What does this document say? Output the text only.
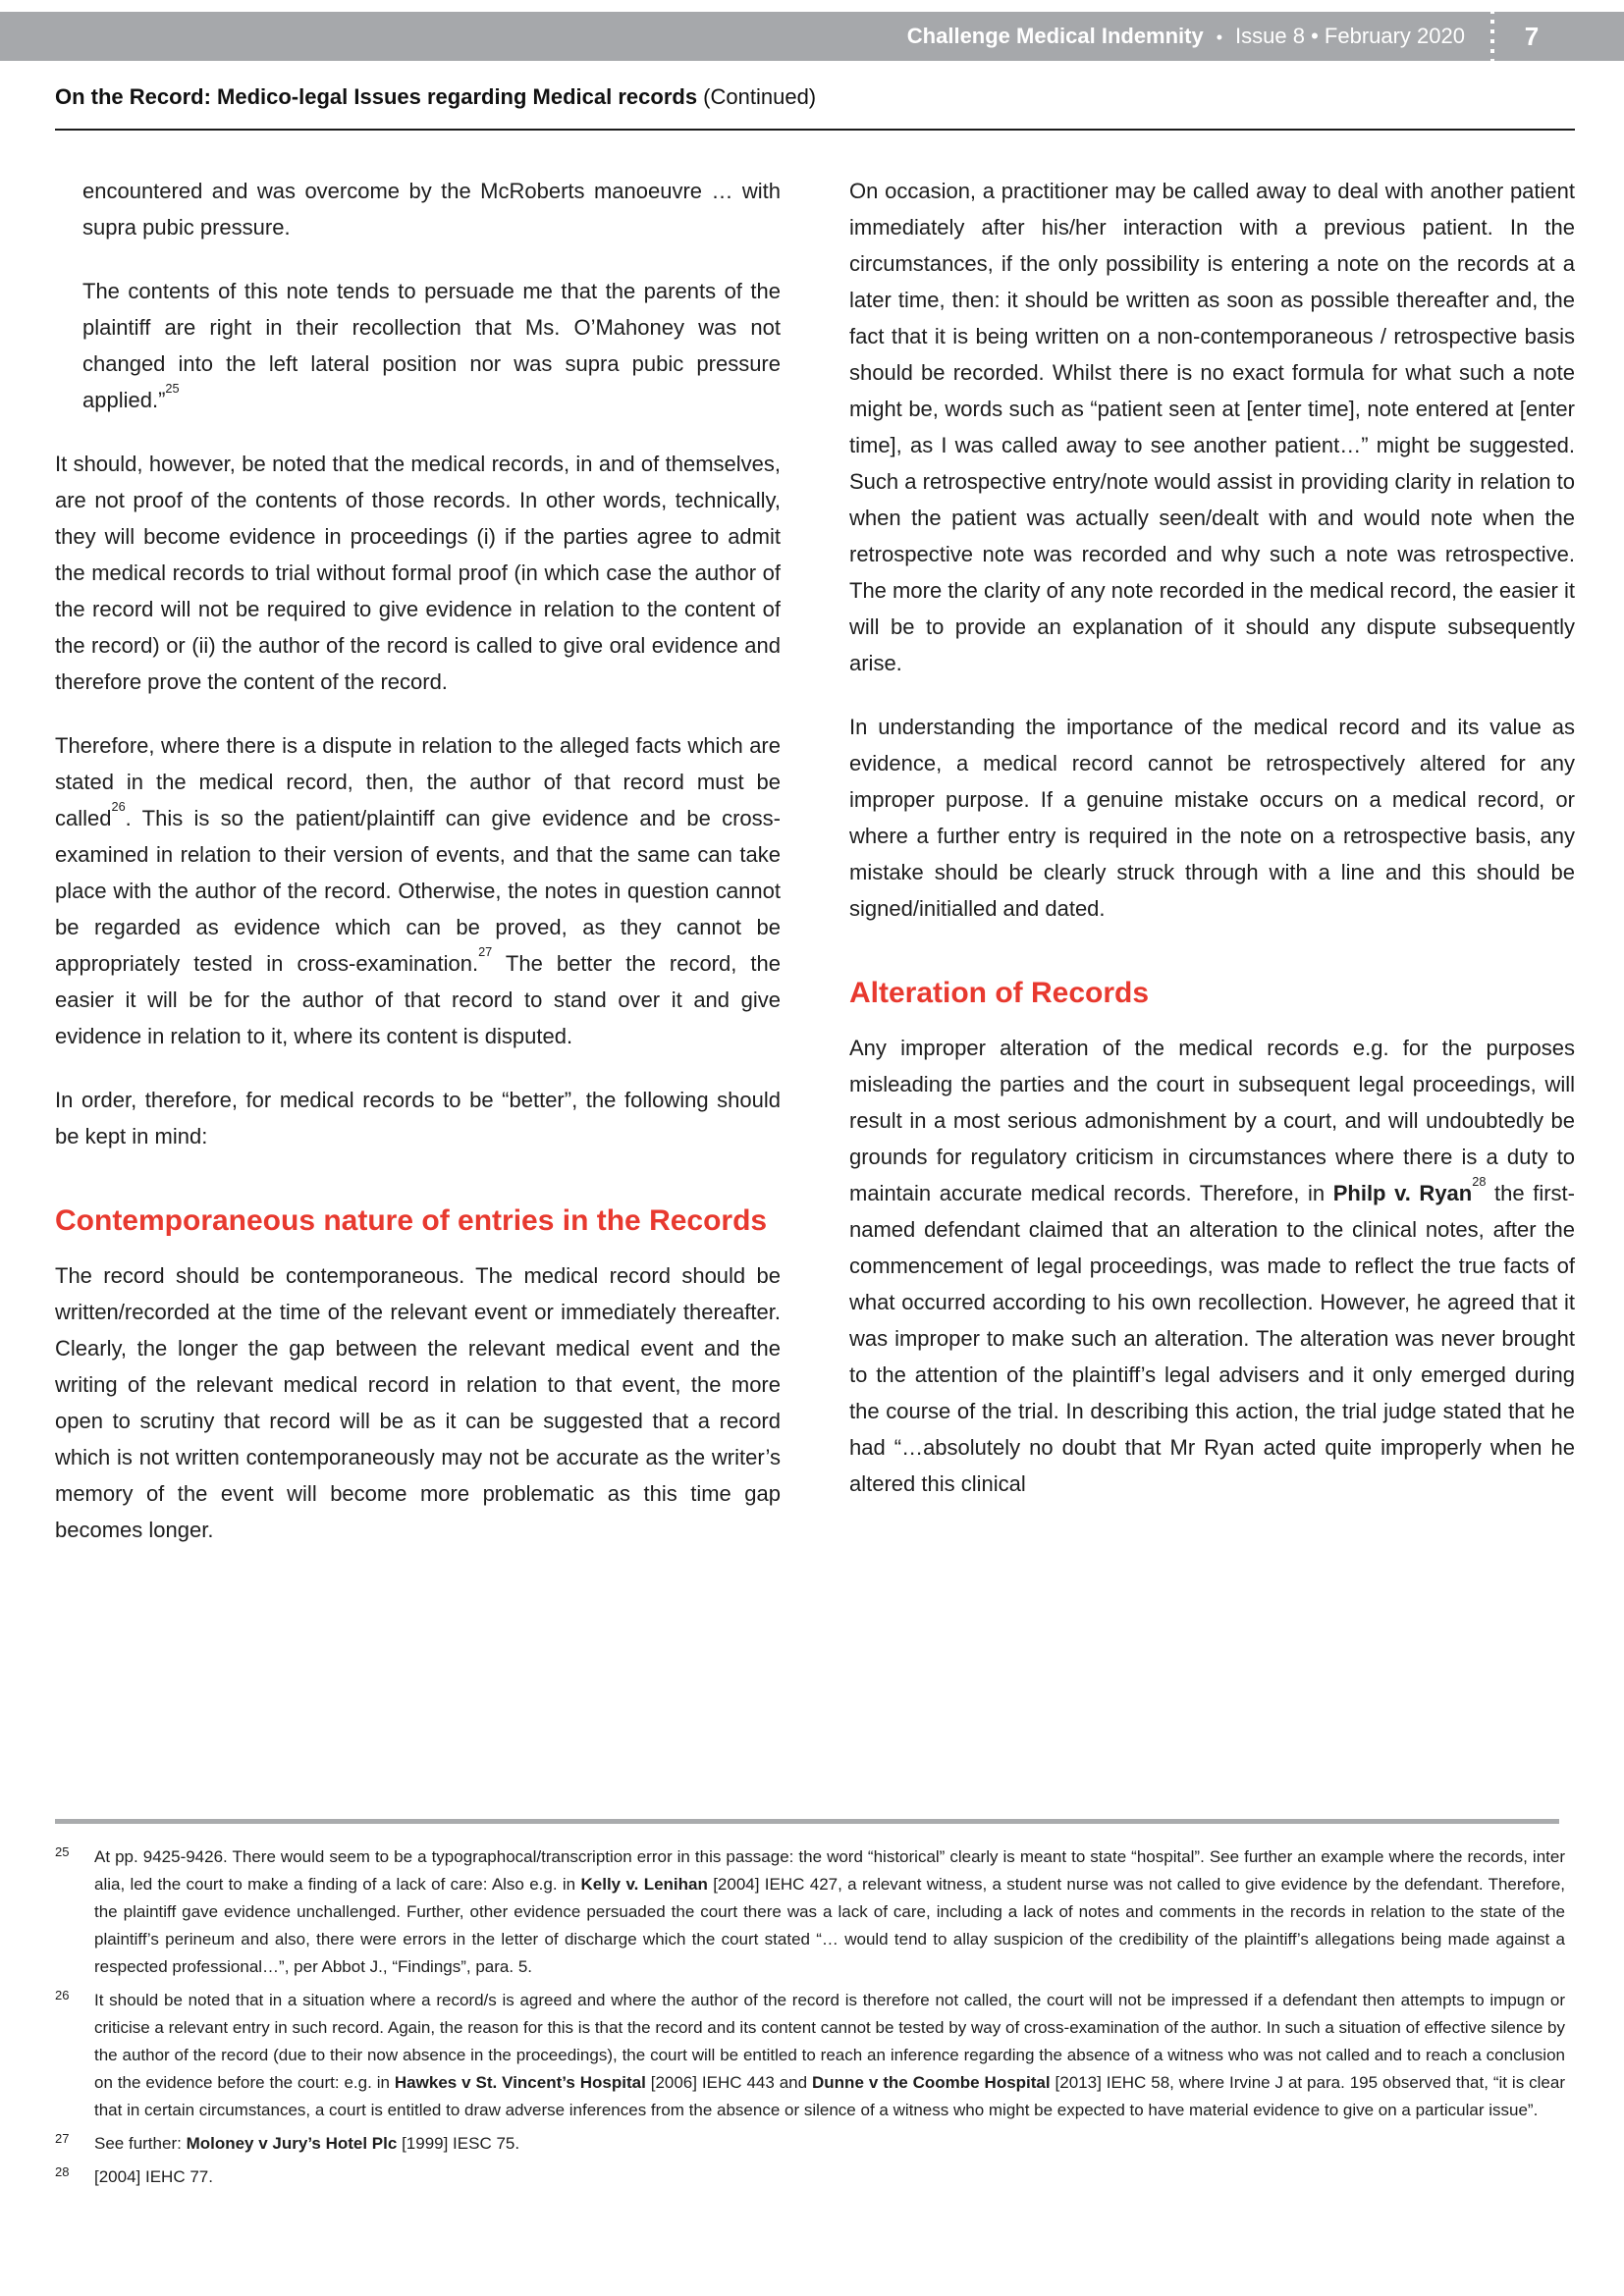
Challenge Medical Indemnity • Issue 8 • February 2020	7
On the Record: Medico-legal Issues regarding Medical records (Continued)

encountered and was overcome by the McRoberts manoeuvre … with supra pubic pressure.

The contents of this note tends to persuade me that the parents of the plaintiff are right in their recollection that Ms. O’Mahoney was not changed into the left lateral position nor was supra pubic pressure applied.”$^{25}$

It should, however, be noted that the medical records, in and of themselves, are not proof of the contents of those records. In other words, technically, they will become evidence in proceedings (i) if the parties agree to admit the medical records to trial without formal proof (in which case the author of the record will not be required to give evidence in relation to the content of the record) or (ii) the author of the record is called to give oral evidence and therefore prove the content of the record.

Therefore, where there is a dispute in relation to the alleged facts which are stated in the medical record, then, the author of that record must be called$^{26}$. This is so the patient/plaintiff can give evidence and be cross-examined in relation to their version of events, and that the same can take place with the author of the record. Otherwise, the notes in question cannot be regarded as evidence which can be proved, as they cannot be appropriately tested in cross-examination.$^{27}$ The better the record, the easier it will be for the author of that record to stand over it and give evidence in relation to it, where its content is disputed.

In order, therefore, for medical records to be “better”, the following should be kept in mind:

Contemporaneous nature of entries in the Records

The record should be contemporaneous. The medical record should be written/recorded at the time of the relevant event or immediately thereafter. Clearly, the longer the gap between the relevant medical event and the writing of the relevant medical record in relation to that event, the more open to scrutiny that record will be as it can be suggested that a record which is not written contemporaneously may not be accurate as the writer’s memory of the event will become more problematic as this time gap becomes longer.

On occasion, a practitioner may be called away to deal with another patient immediately after his/her interaction with a previous patient. In the circumstances, if the only possibility is entering a note on the records at a later time, then: it should be written as soon as possible thereafter and, the fact that it is being written on a non-contemporaneous / retrospective basis should be recorded. Whilst there is no exact formula for what such a note might be, words such as “patient seen at [enter time], note entered at [enter time], as I was called away to see another patient…” might be suggested. Such a retrospective entry/note would assist in providing clarity in relation to when the patient was actually seen/dealt with and would note when the retrospective note was recorded and why such a note was retrospective. The more the clarity of any note recorded in the medical record, the easier it will be to provide an explanation of it should any dispute subsequently arise.

In understanding the importance of the medical record and its value as evidence, a medical record cannot be retrospectively altered for any improper purpose. If a genuine mistake occurs on a medical record, or where a further entry is required in the note on a retrospective basis, any mistake should be clearly struck through with a line and this should be signed/initialled and dated.

Alteration of Records

Any improper alteration of the medical records e.g. for the purposes misleading the parties and the court in subsequent legal proceedings, will result in a most serious admonishment by a court, and will undoubtedly be grounds for regulatory criticism in circumstances where there is a duty to maintain accurate medical records. Therefore, in Philp v. Ryan$^{28}$ the first-named defendant claimed that an alteration to the clinical notes, after the commencement of legal proceedings, was made to reflect the true facts of what occurred according to his own recollection. However, he agreed that it was improper to make such an alteration. The alteration was never brought to the attention of the plaintiff’s legal advisers and it only emerged during the course of the trial. In describing this action, the trial judge stated that he had “…absolutely no doubt that Mr Ryan acted quite improperly when he altered this clinical

25	At pp. 9425-9426. There would seem to be a typographocal/transcription error in this passage: the word “historical” clearly is meant to state “hospital”. See further an example where the records, inter alia, led the court to make a finding of a lack of care: Also e.g. in Kelly v. Lenihan [2004] IEHC 427, a relevant witness, a student nurse was not called to give evidence by the defendant. Therefore, the plaintiff gave evidence unchallenged. Further, other evidence persuaded the court there was a lack of care, including a lack of notes and comments in the records in relation to the state of the plaintiff’s perineum and also, there were errors in the letter of discharge which the court stated “… would tend to allay suspicion of the credibility of the plaintiff’s allegations being made against a respected professional…”, per Abbot J., “Findings”, para. 5.
26	It should be noted that in a situation where a record/s is agreed and where the author of the record is therefore not called, the court will not be impressed if a defendant then attempts to impugn or criticise a relevant entry in such record. Again, the reason for this is that the record and its content cannot be tested by way of cross-examination of the author. In such a situation of effective silence by the author of the record (due to their now absence in the proceedings), the court will be entitled to reach an inference regarding the absence of a witness who was not called and to reach a conclusion on the evidence before the court: e.g. in Hawkes v St. Vincent’s Hospital [2006] IEHC 443 and Dunne v the Coombe Hospital [2013] IEHC 58, where Irvine J at para. 195 observed that, “it is clear that in certain circumstances, a court is entitled to draw adverse inferences from the absence or silence of a witness who might be expected to have material evidence to give on a particular issue”.
27	See further: Moloney v Jury’s Hotel Plc [1999] IESC 75.
28	[2004] IEHC 77.
